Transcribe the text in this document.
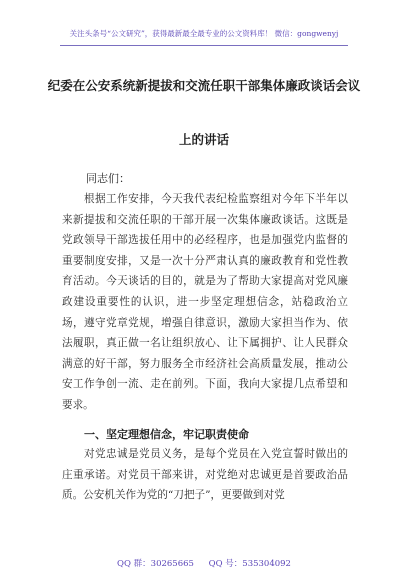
关注头条号“公文研究”，获得最新最全最专业的公文资料库！ 微信：gongwenyj
纪委在公安系统新提拔和交流任职干部集体廉政谈话会议
上的讲话
同志们：
根据工作安排，今天我代表纪检监察组对今年下半年以来新提拔和交流任职的干部开展一次集体廉政谈话。这既是党政领导干部选拔任用中的必经程序，也是加强党内监督的重要制度安排，又是一次十分严肃认真的廉政教育和党性教育活动。今天谈话的目的，就是为了帮助大家提高对党风廉政建设重要性的认识，进一步坚定理想信念，站稳政治立场，遵守党章党规，增强自律意识，激励大家担当作为、依法履职，真正做一名让组织放心、让下属拥护、让人民群众满意的好干部，努力服务全市经济社会高质量发展，推动公安工作争创一流、走在前列。下面，我向大家提几点希望和要求。
一、坚定理想信念，牢记职责使命
对党忠诚是党员义务，是每个党员在入党宣誓时做出的庄重承诺。对党员干部来讲，对党绝对忠诚更是首要政治品质。公安机关作为党的“刀把子”，更要做到对党
QQ 群：30265665 QQ 号：535304092
